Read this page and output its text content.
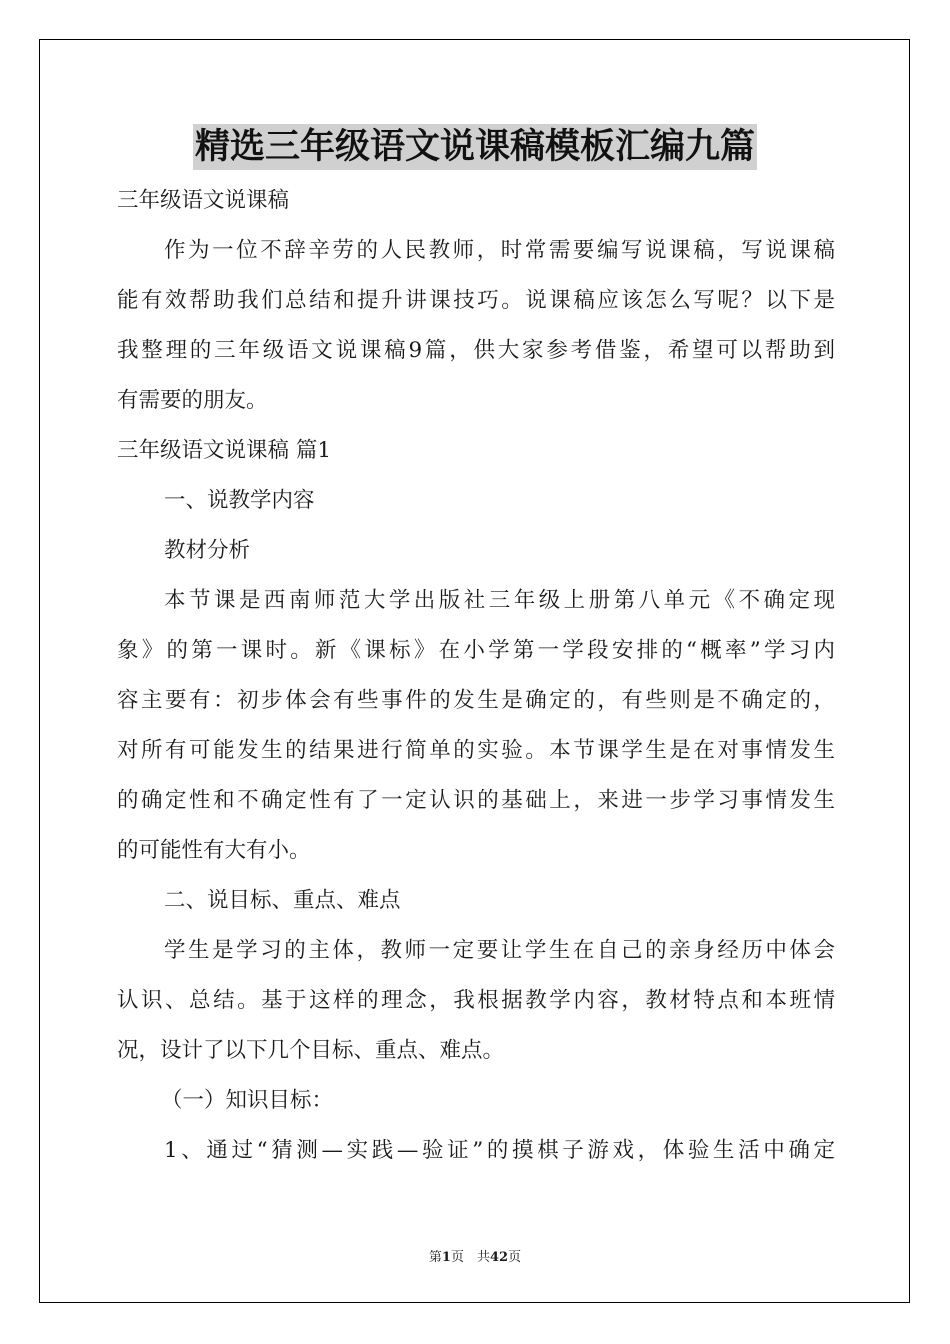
精选三年级语文说课稿模板汇编九篇
三年级语文说课稿
作为一位不辞辛劳的人民教师，时常需要编写说课稿，写说课稿
能有效帮助我们总结和提升讲课技巧。说课稿应该怎么写呢？以下是
我整理的三年级语文说课稿9篇，供大家参考借鉴，希望可以帮助到
有需要的朋友。
三年级语文说课稿 篇1
一、说教学内容
教材分析
本节课是西南师范大学出版社三年级上册第八单元《不确定现
象》的第一课时。新《课标》在小学第一学段安排的“概率”学习内
容主要有：初步体会有些事件的发生是确定的，有些则是不确定的，
对所有可能发生的结果进行简单的实验。本节课学生是在对事情发生
的确定性和不确定性有了一定认识的基础上，来进一步学习事情发生
的可能性有大有小。
二、说目标、重点、难点
学生是学习的主体，教师一定要让学生在自己的亲身经历中体会
认识、总结。基于这样的理念，我根据教学内容，教材特点和本班情
况，设计了以下几个目标、重点、难点。
（一）知识目标：
1、通过“猜测—实践—验证”的摸棋子游戏，体验生活中确定
第1页　共42页
